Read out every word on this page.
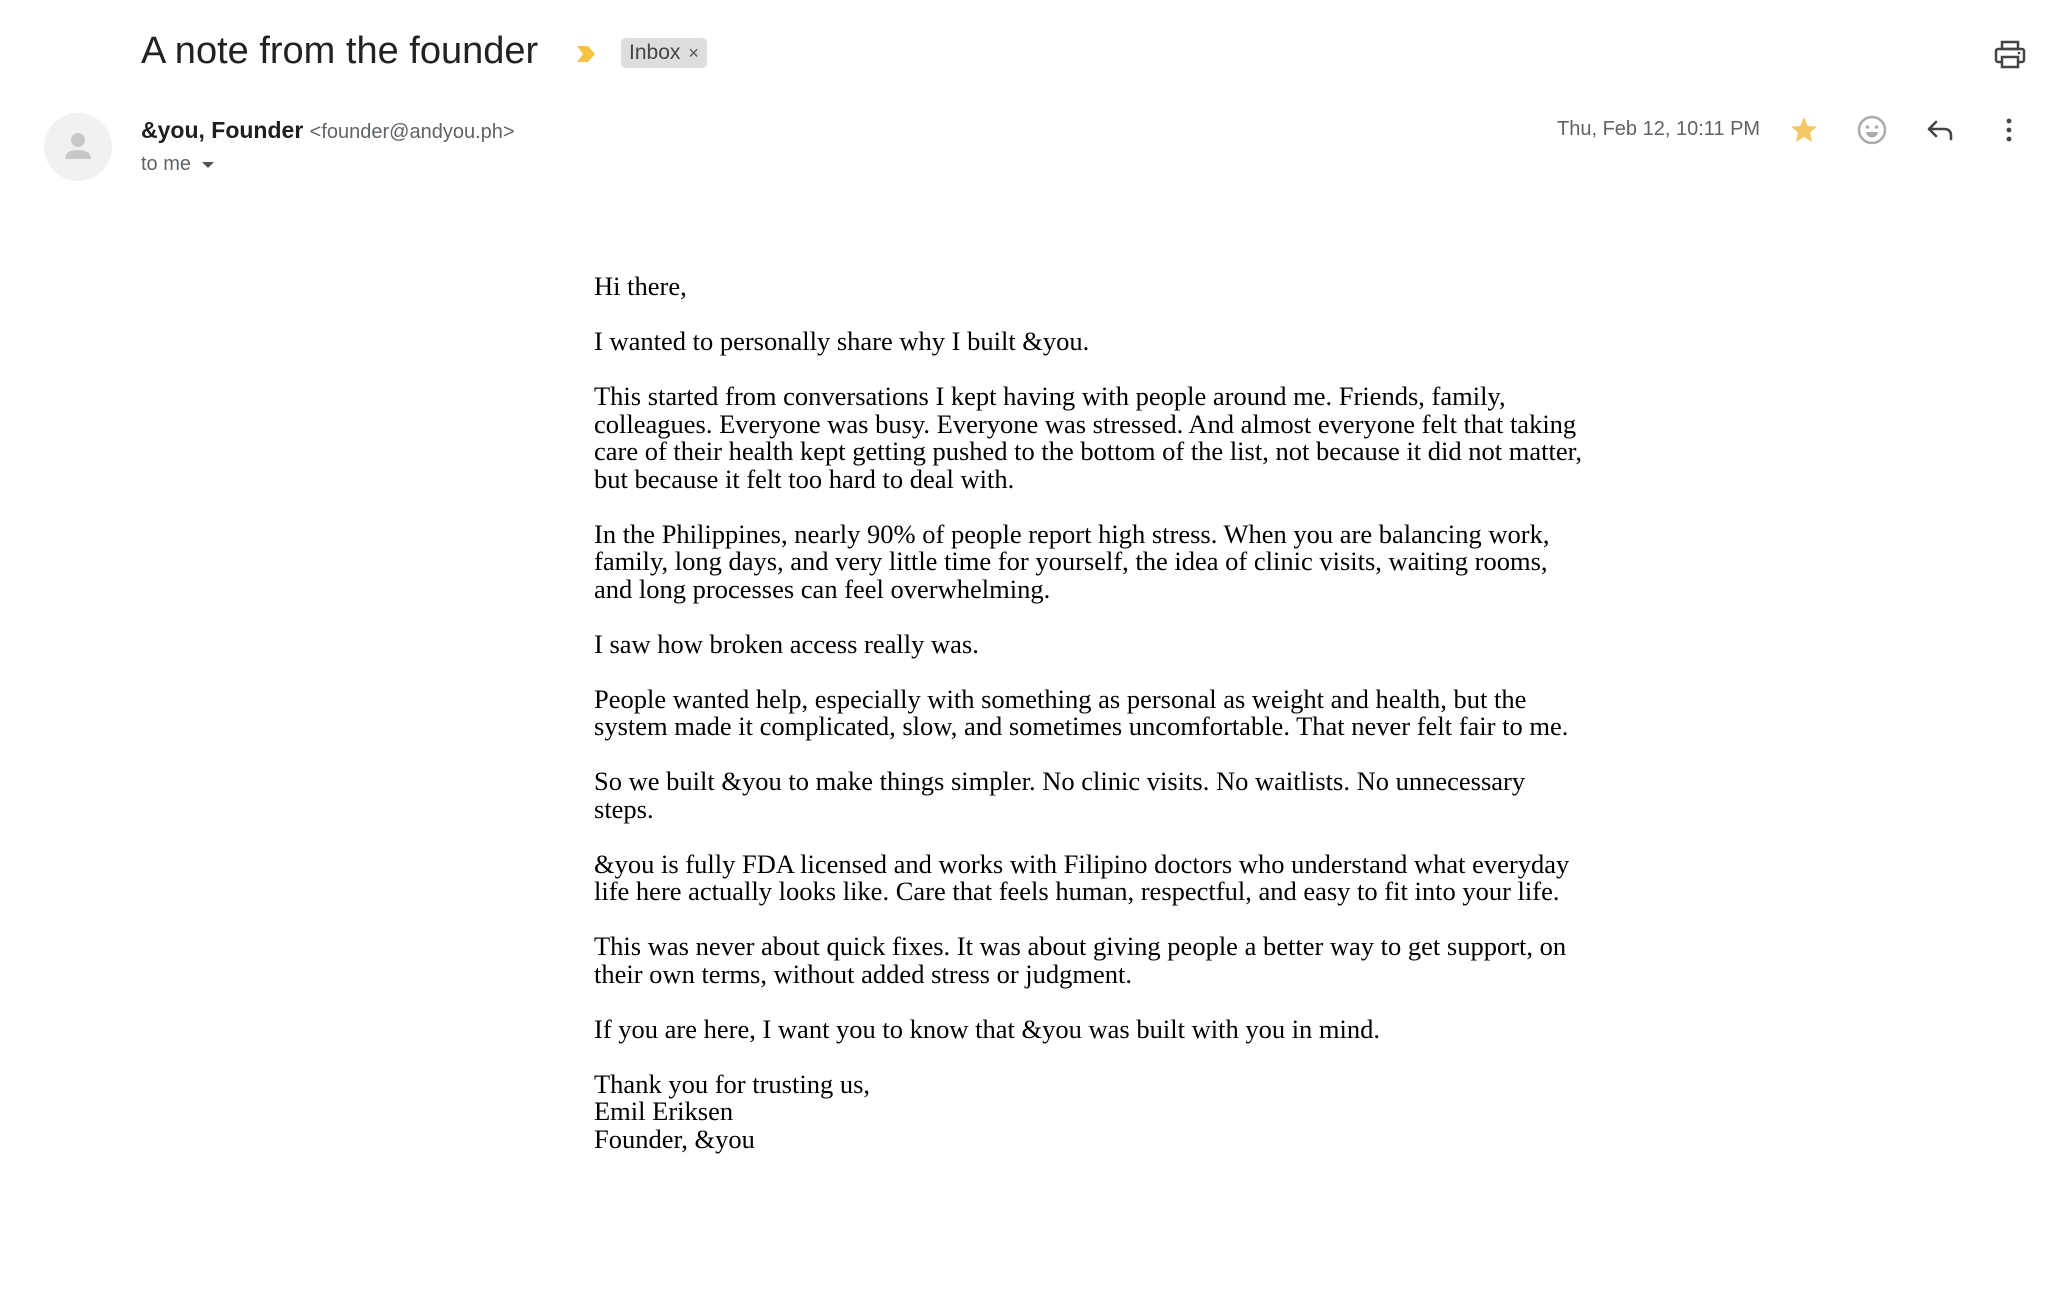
A note from the founder	Inbox ×
&you, Founder <founder@andyou.ph>
to me
Thu, Feb 12, 10:11 PM

Hi there,

I wanted to personally share why I built &you.

This started from conversations I kept having with people around me. Friends, family, colleagues. Everyone was busy. Everyone was stressed. And almost everyone felt that taking care of their health kept getting pushed to the bottom of the list, not because it did not matter, but because it felt too hard to deal with.

In the Philippines, nearly 90% of people report high stress. When you are balancing work, family, long days, and very little time for yourself, the idea of clinic visits, waiting rooms, and long processes can feel overwhelming.

I saw how broken access really was.

People wanted help, especially with something as personal as weight and health, but the system made it complicated, slow, and sometimes uncomfortable. That never felt fair to me.

So we built &you to make things simpler. No clinic visits. No waitlists. No unnecessary steps.

&you is fully FDA licensed and works with Filipino doctors who understand what everyday life here actually looks like. Care that feels human, respectful, and easy to fit into your life.

This was never about quick fixes. It was about giving people a better way to get support, on their own terms, without added stress or judgment.

If you are here, I want you to know that &you was built with you in mind.

Thank you for trusting us,
Emil Eriksen
Founder, &you
